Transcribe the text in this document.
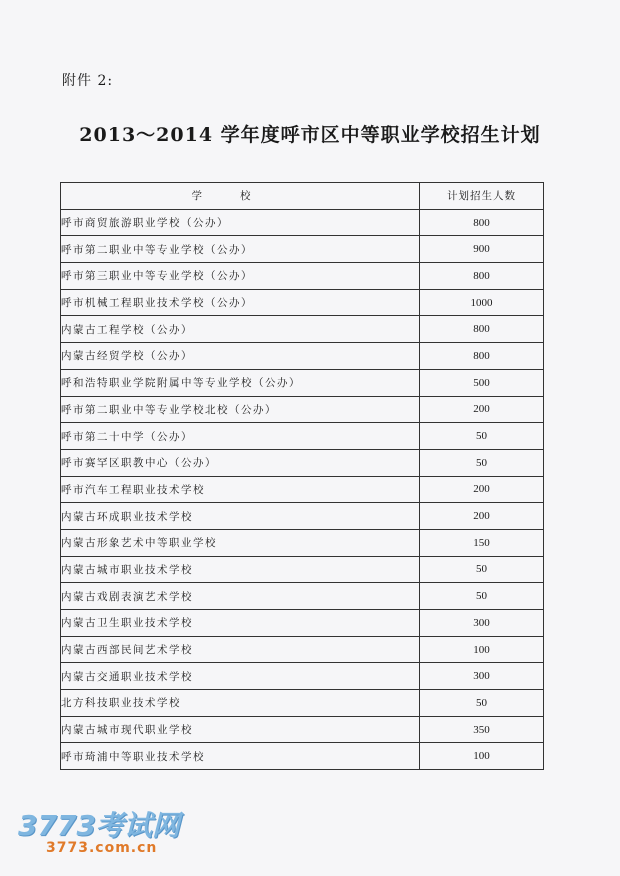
附件 2:
2013～2014 学年度呼市区中等职业学校招生计划
学校	计划招生人数
呼市商贸旅游职业学校（公办）	800
呼市第二职业中等专业学校（公办）	900
呼市第三职业中等专业学校（公办）	800
呼市机械工程职业技术学校（公办）	1000
内蒙古工程学校（公办）	800
内蒙古经贸学校（公办）	800
呼和浩特职业学院附属中等专业学校（公办）	500
呼市第二职业中等专业学校北校（公办）	200
呼市第二十中学（公办）	50
呼市赛罕区职教中心（公办）	50
呼市汽车工程职业技术学校	200
内蒙古环成职业技术学校	200
内蒙古形象艺术中等职业学校	150
内蒙古城市职业技术学校	50
内蒙古戏剧表演艺术学校	50
内蒙古卫生职业技术学校	300
内蒙古西部民间艺术学校	100
内蒙古交通职业技术学校	300
北方科技职业技术学校	50
内蒙古城市现代职业学校	350
呼市琦浦中等职业技术学校	100
3773考试网
3773.com.cn
